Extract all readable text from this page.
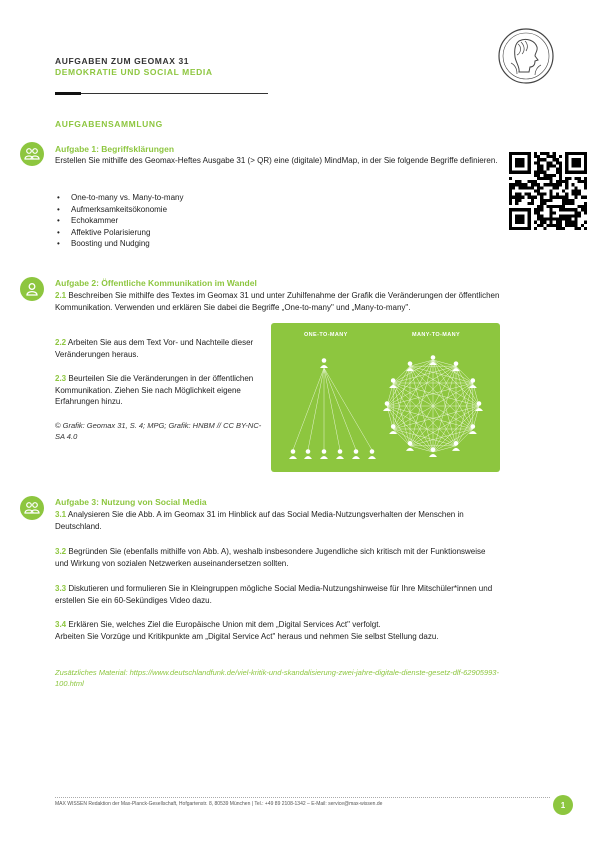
AUFGABEN ZUM GEOMAX 31
DEMOKRATIE UND SOCIAL MEDIA
AUFGABENSAMMLUNG
Aufgabe 1: Begriffsklärungen
Erstellen Sie mithilfe des Geomax-Heftes Ausgabe 31 (> QR) eine (digitale) MindMap, in der Sie folgende Begriffe definieren.
• One-to-many vs. Many-to-many
• Aufmerksamkeitsökonomie
• Echokammer
• Affektive Polarisierung
• Boosting und Nudging
Aufgabe 2: Öffentliche Kommunikation im Wandel
2.1 Beschreiben Sie mithilfe des Textes im Geomax 31 und unter Zuhilfenahme der Grafik die Veränderungen der öffentlichen Kommunikation. Verwenden und erklären Sie dabei die Begriffe „One-to-many" und „Many-to-many".
2.2 Arbeiten Sie aus dem Text Vor- und Nachteile dieser Veränderungen heraus.
2.3 Beurteilen Sie die Veränderungen in der öffentlichen Kommunikation. Ziehen Sie nach Möglichkeit eigene Erfahrungen hinzu.
© Grafik: Geomax 31, S. 4; MPG; Grafik: HNBM // CC BY-NC-SA 4.0
ONE-TO-MANY	MANY-TO-MANY
Aufgabe 3: Nutzung von Social Media
3.1 Analysieren Sie die Abb. A im Geomax 31 im Hinblick auf das Social Media-Nutzungsverhalten der Menschen in Deutschland.
3.2 Begründen Sie (ebenfalls mithilfe von Abb. A), weshalb insbesondere Jugendliche sich kritisch mit der Funktionsweise und Wirkung von sozialen Netzwerken auseinandersetzen sollten.
3.3 Diskutieren und formulieren Sie in Kleingruppen mögliche Social Media-Nutzungshinweise für Ihre Mitschüler*innen und erstellen Sie ein 60-Sekündiges Video dazu.
3.4 Erklären Sie, welches Ziel die Europäische Union mit dem „Digital Services Act" verfolgt.
Arbeiten Sie Vorzüge und Kritikpunkte am „Digital Service Act" heraus und nehmen Sie selbst Stellung dazu.
Zusätzliches Material: https://www.deutschlandfunk.de/viel-kritik-und-skandalisierung-zwei-jahre-digitale-dienste-gesetz-dlf-62905993-100.html
MAX WISSEN Redaktion der Max-Planck-Gesellschaft, Hofgartenstr. 8, 80539 München | Tel.: +49 89 2108-1342 – E-Mail: service@max-wissen.de	1
